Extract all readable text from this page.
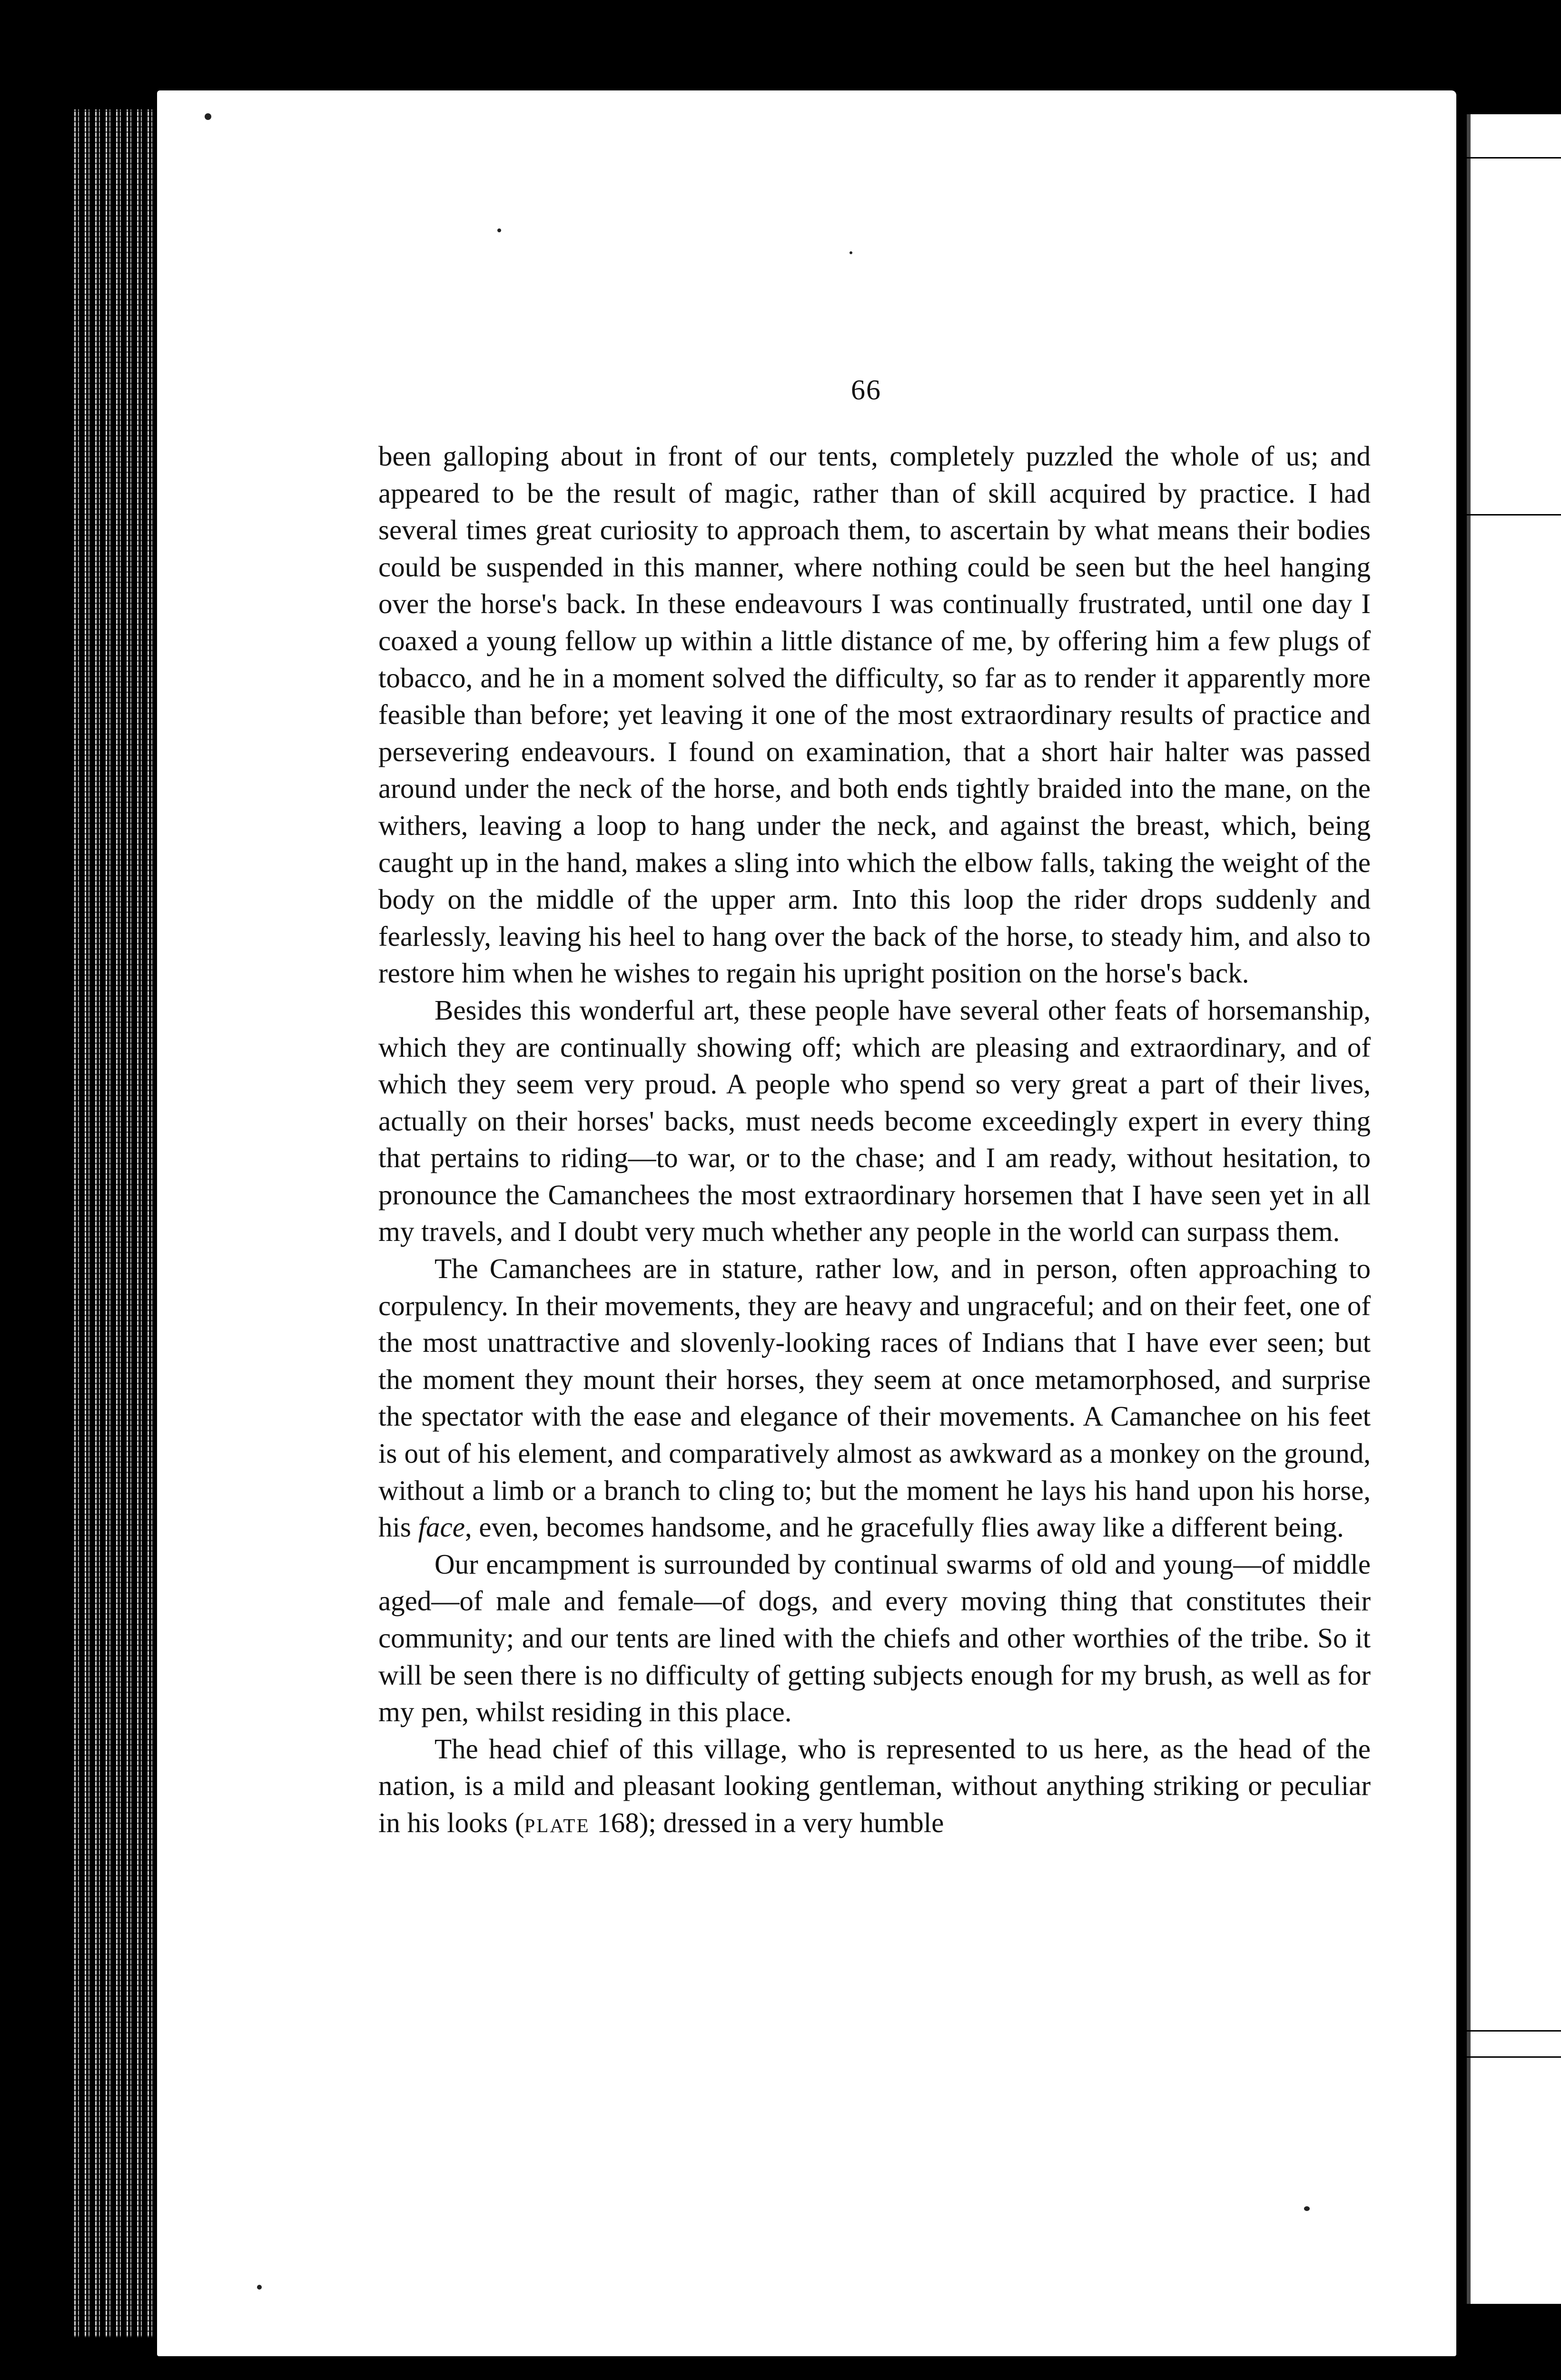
66

been galloping about in front of our tents, completely puzzled the whole of us; and appeared to be the result of magic, rather than of skill acquired by practice. I had several times great curiosity to approach them, to ascertain by what means their bodies could be suspended in this manner, where nothing could be seen but the heel hanging over the horse's back. In these endeavours I was continually frustrated, until one day I coaxed a young fellow up within a little distance of me, by offering him a few plugs of tobacco, and he in a moment solved the difficulty, so far as to render it apparently more feasible than before; yet leaving it one of the most extraordinary results of practice and persevering endeavours. I found on examination, that a short hair halter was passed around under the neck of the horse, and both ends tightly braided into the mane, on the withers, leaving a loop to hang under the neck, and against the breast, which, being caught up in the hand, makes a sling into which the elbow falls, taking the weight of the body on the middle of the upper arm. Into this loop the rider drops suddenly and fearlessly, leaving his heel to hang over the back of the horse, to steady him, and also to restore him when he wishes to regain his upright position on the horse's back.

Besides this wonderful art, these people have several other feats of horsemanship, which they are continually showing off; which are pleasing and extraordinary, and of which they seem very proud. A people who spend so very great a part of their lives, actually on their horses' backs, must needs become exceedingly expert in every thing that pertains to riding—to war, or to the chase; and I am ready, without hesitation, to pronounce the Camanchees the most extraordinary horsemen that I have seen yet in all my travels, and I doubt very much whether any people in the world can surpass them.

The Camanchees are in stature, rather low, and in person, often approaching to corpulency. In their movements, they are heavy and ungraceful; and on their feet, one of the most unattractive and slovenly-looking races of Indians that I have ever seen; but the moment they mount their horses, they seem at once metamorphosed, and surprise the spectator with the ease and elegance of their movements. A Camanchee on his feet is out of his element, and comparatively almost as awkward as a monkey on the ground, without a limb or a branch to cling to; but the moment he lays his hand upon his horse, his face, even, becomes handsome, and he gracefully flies away like a different being.

Our encampment is surrounded by continual swarms of old and young—of middle aged—of male and female—of dogs, and every moving thing that constitutes their community; and our tents are lined with the chiefs and other worthies of the tribe. So it will be seen there is no difficulty of getting subjects enough for my brush, as well as for my pen, whilst residing in this place.

The head chief of this village, who is represented to us here, as the head of the nation, is a mild and pleasant looking gentleman, without anything striking or peculiar in his looks (plate 168); dressed in a very humble
